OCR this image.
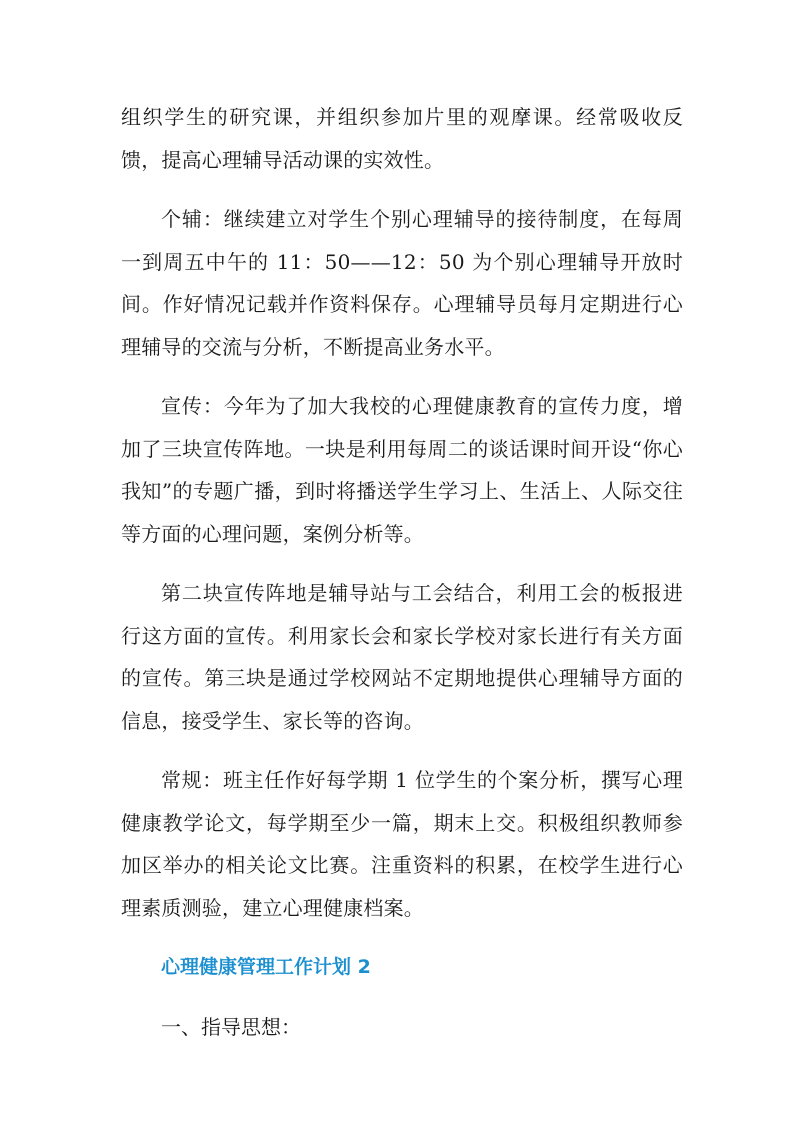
组织学生的研究课，并组织参加片里的观摩课。经常吸收反馈，提高心理辅导活动课的实效性。

个辅：继续建立对学生个别心理辅导的接待制度，在每周一到周五中午的 11：50——12：50 为个别心理辅导开放时间。作好情况记载并作资料保存。心理辅导员每月定期进行心理辅导的交流与分析，不断提高业务水平。

宣传：今年为了加大我校的心理健康教育的宣传力度，增加了三块宣传阵地。一块是利用每周二的谈话课时间开设“你心我知”的专题广播，到时将播送学生学习上、生活上、人际交往等方面的心理问题，案例分析等。

第二块宣传阵地是辅导站与工会结合，利用工会的板报进行这方面的宣传。利用家长会和家长学校对家长进行有关方面的宣传。第三块是通过学校网站不定期地提供心理辅导方面的信息，接受学生、家长等的咨询。

常规：班主任作好每学期 1 位学生的个案分析，撰写心理健康教学论文，每学期至少一篇，期末上交。积极组织教师参加区举办的相关论文比赛。注重资料的积累，在校学生进行心理素质测验，建立心理健康档案。

心理健康管理工作计划 2
一、指导思想：
